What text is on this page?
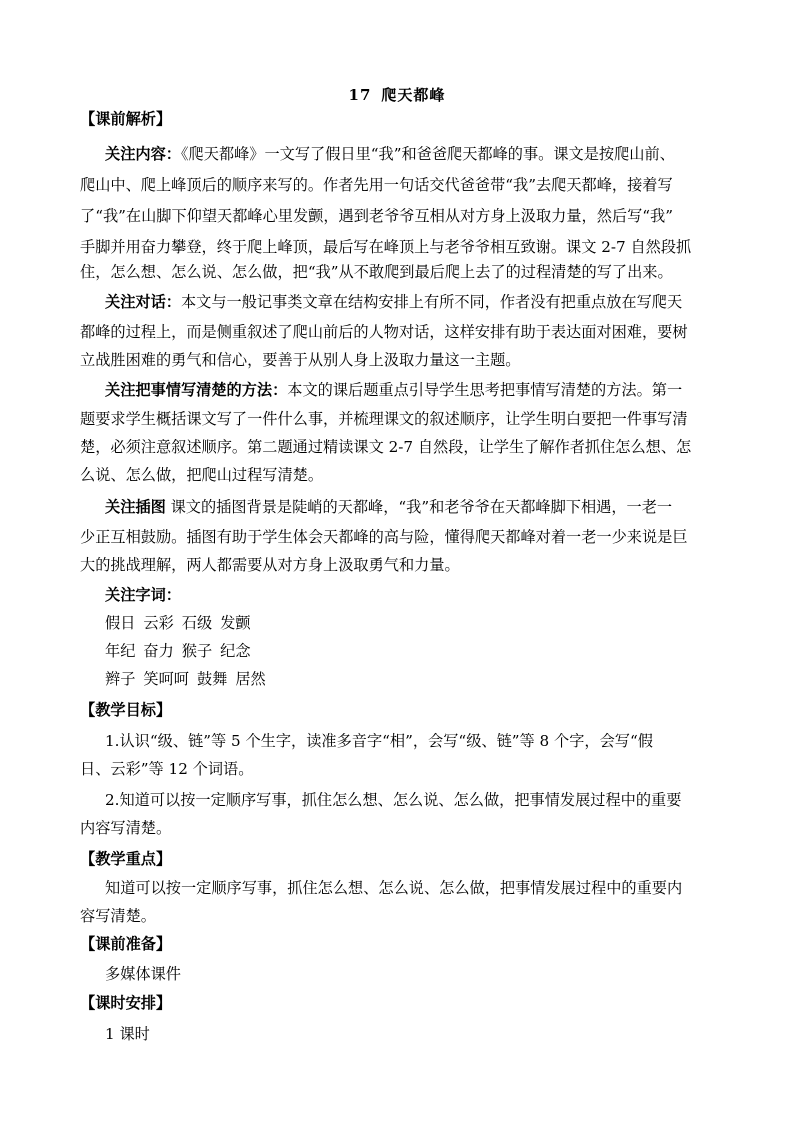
17 爬天都峰
【课前解析】
关注内容：《爬天都峰》一文写了假日里“我”和爸爸爬天都峰的事。课文是按爬山前、
爬山中、爬上峰顶后的顺序来写的。作者先用一句话交代爸爸带“我”去爬天都峰，接着写
了“我”在山脚下仰望天都峰心里发颤，遇到老爷爷互相从对方身上汲取力量，然后写“我”
手脚并用奋力攀登，终于爬上峰顶，最后写在峰顶上与老爷爷相互致谢。课文 2-7 自然段抓
住，怎么想、怎么说、怎么做，把“我”从不敢爬到最后爬上去了的过程清楚的写了出来。
关注对话：本文与一般记事类文章在结构安排上有所不同，作者没有把重点放在写爬天
都峰的过程上，而是侧重叙述了爬山前后的人物对话，这样安排有助于表达面对困难，要树
立战胜困难的勇气和信心，要善于从别人身上汲取力量这一主题。
关注把事情写清楚的方法：本文的课后题重点引导学生思考把事情写清楚的方法。第一
题要求学生概括课文写了一件什么事，并梳理课文的叙述顺序，让学生明白要把一件事写清
楚，必须注意叙述顺序。第二题通过精读课文 2-7 自然段，让学生了解作者抓住怎么想、怎
么说、怎么做，把爬山过程写清楚。
关注插图 课文的插图背景是陡峭的天都峰，“我”和老爷爷在天都峰脚下相遇，一老一
少正互相鼓励。插图有助于学生体会天都峰的高与险，懂得爬天都峰对着一老一少来说是巨
大的挑战理解，两人都需要从对方身上汲取勇气和力量。
关注字词：
假日 云彩 石级 发颤
年纪 奋力 猴子 纪念
辫子 笑呵呵 鼓舞 居然
【教学目标】
1.认识“级、链”等 5 个生字，读准多音字“相”，会写“级、链”等 8 个字，会写“假
日、云彩”等 12 个词语。
2.知道可以按一定顺序写事，抓住怎么想、怎么说、怎么做，把事情发展过程中的重要
内容写清楚。
【教学重点】
知道可以按一定顺序写事，抓住怎么想、怎么说、怎么做，把事情发展过程中的重要内
容写清楚。
【课前准备】
多媒体课件
【课时安排】
1 课时
